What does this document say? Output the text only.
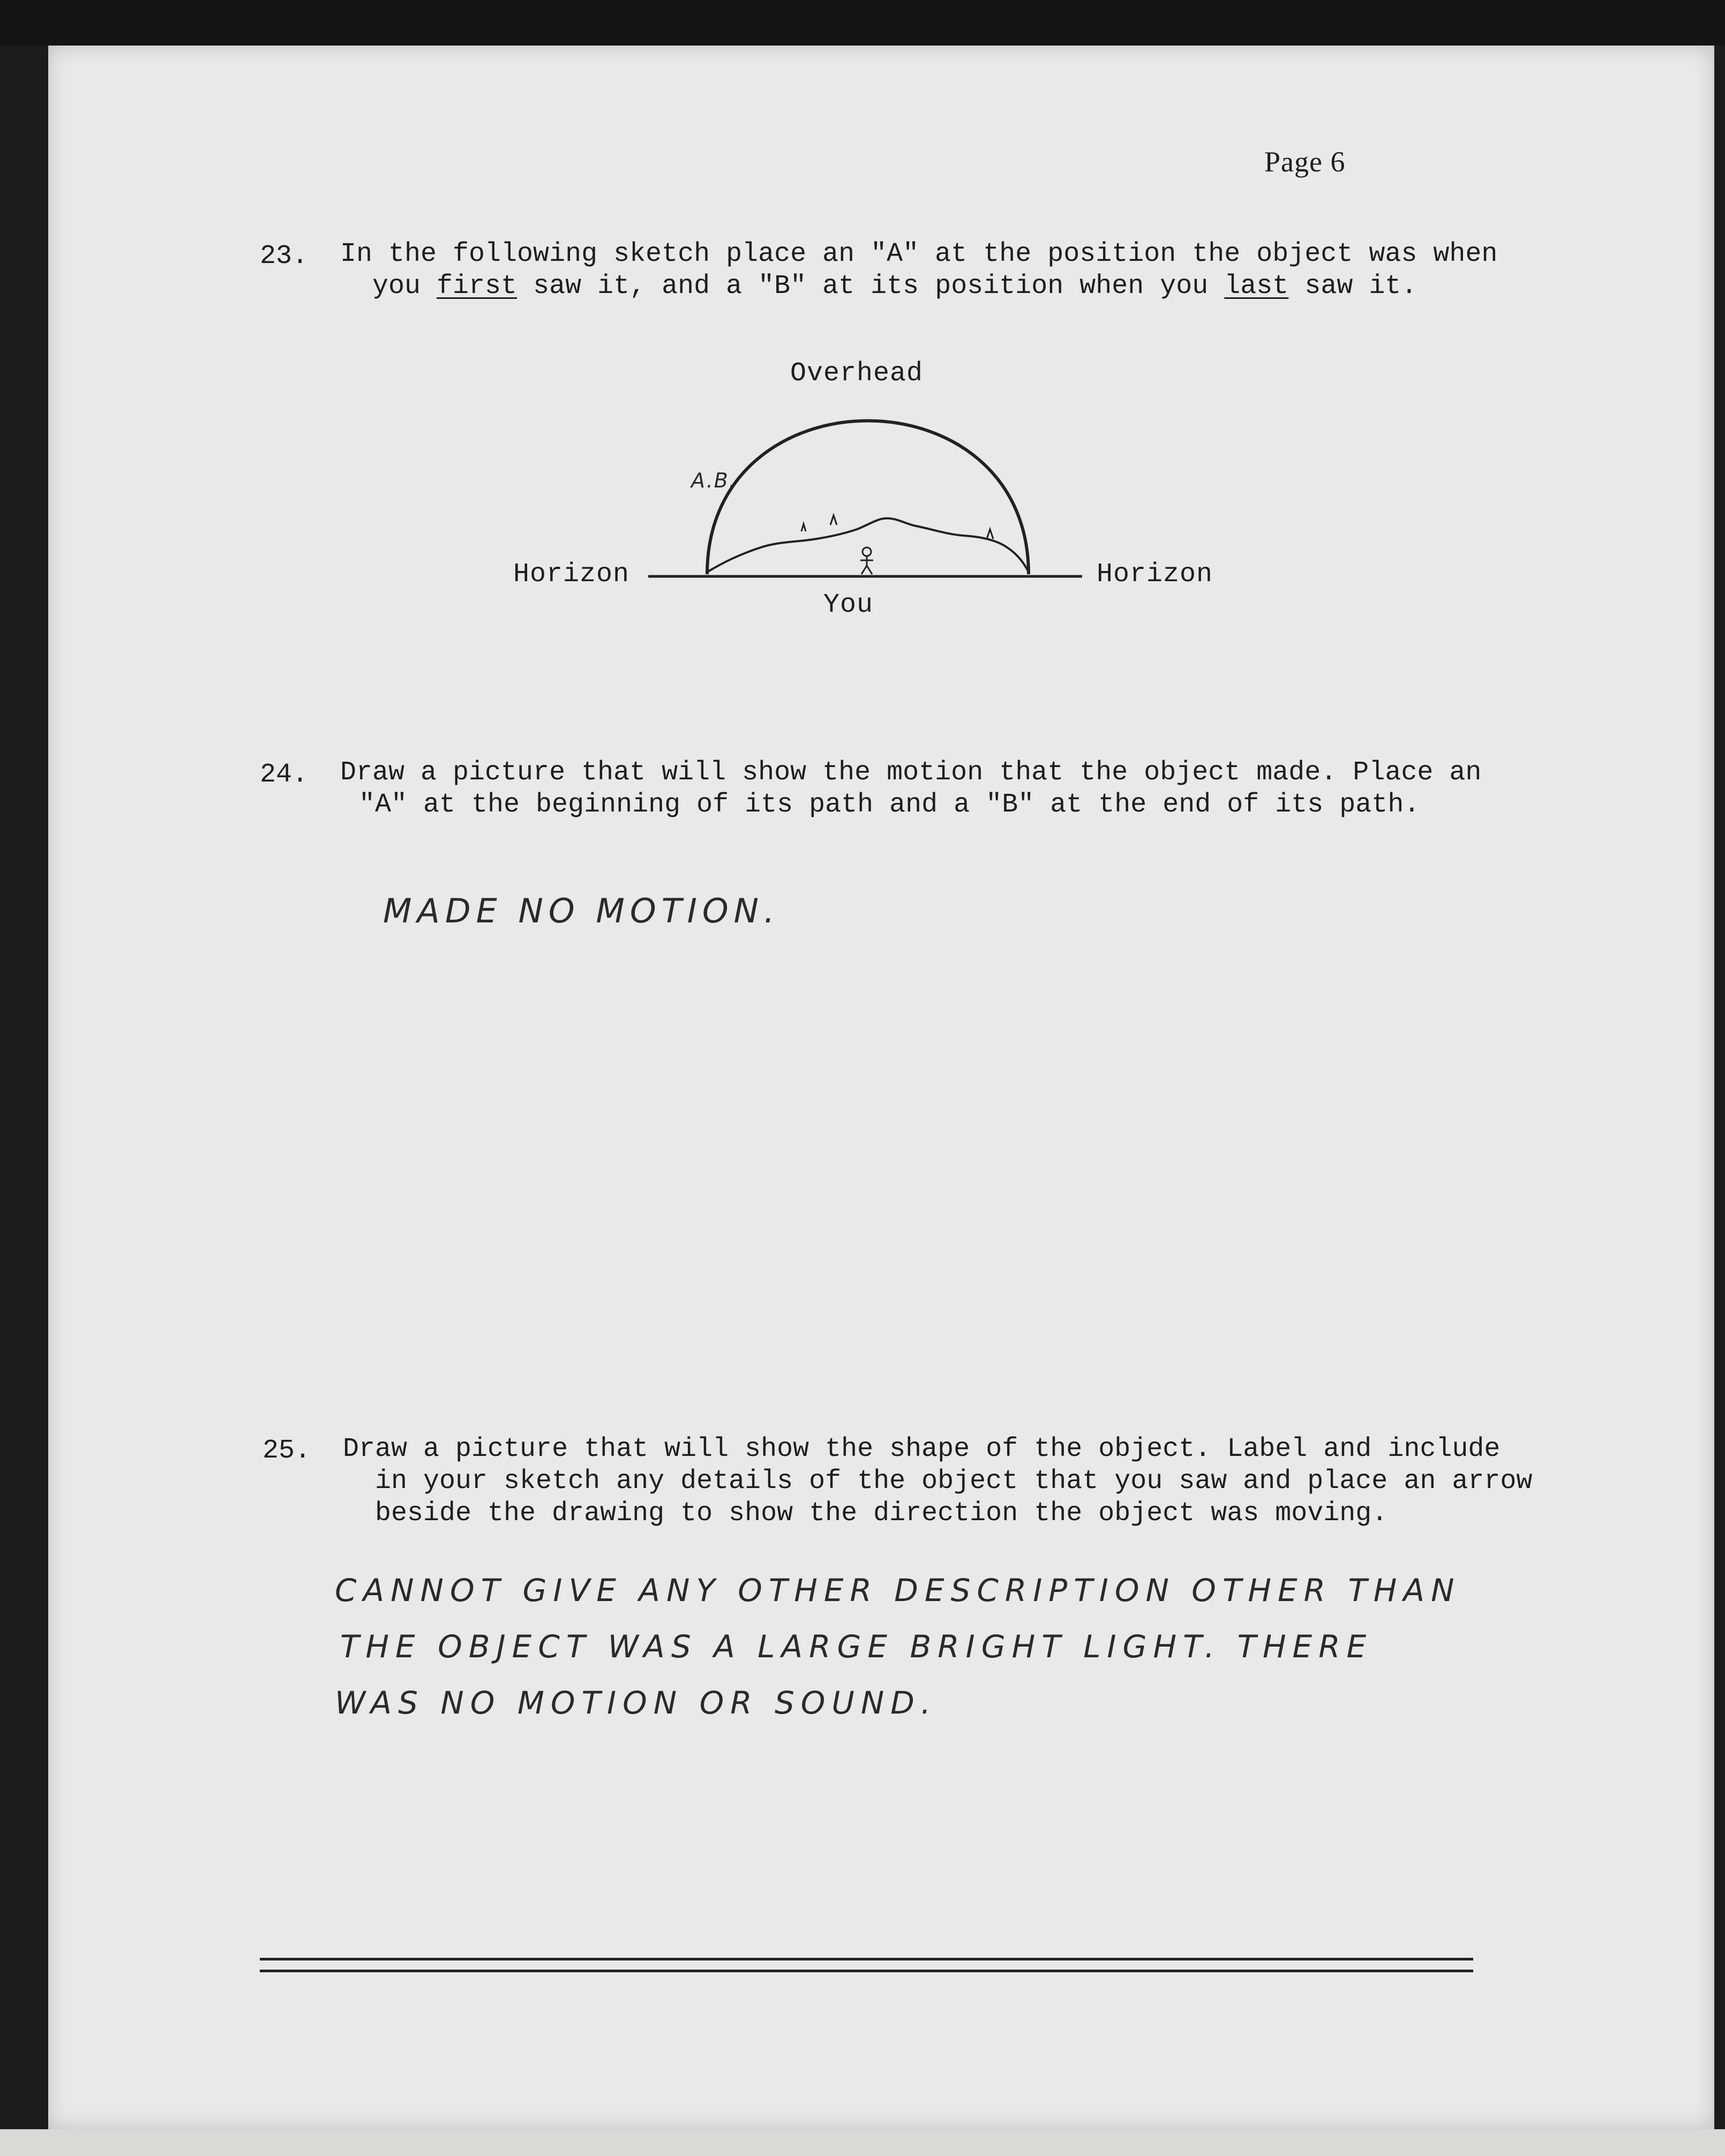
Page 6
23. In the following sketch place an "A" at the position the object was when
you first saw it, and a "B" at its position when you last saw it.
Overhead
Horizon	Horizon
You
A.B.
24. Draw a picture that will show the motion that the object made. Place an
"A" at the beginning of its path and a "B" at the end of its path.
MADE NO MOTION.
25. Draw a picture that will show the shape of the object. Label and include
in your sketch any details of the object that you saw and place an arrow
beside the drawing to show the direction the object was moving.
CANNOT GIVE ANY OTHER DESCRIPTION OTHER THAN
THE OBJECT WAS A LARGE BRIGHT LIGHT. THERE
WAS NO MOTION OR SOUND.
